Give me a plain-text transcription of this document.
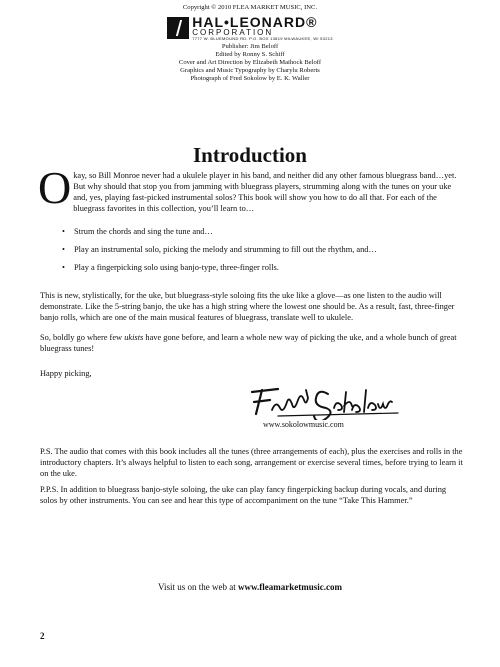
Copyright © 2010 FLEA MARKET MUSIC, INC.
HAL•LEONARD®
CORPORATION
7777 W. BLUEMOUND RD. P.O. BOX 13819 MILWAUKEE, WI 53213
Publisher: Jim Beloff
Edited by Ronny S. Schiff
Cover and Art Direction by Elizabeth Maihock Beloff
Graphics and Music Typography by Charylu Roberts
Photograph of Fred Sokolow by E. K. Waller
Introduction
O kay, so Bill Monroe never had a ukulele player in his band, and neither did any other famous bluegrass band…yet. But why should that stop you from jamming with bluegrass players, strumming along with the tunes on your uke and, yes, playing fast-picked instrumental solos? This book will show you how to do all that. For each of the bluegrass favorites in this collection, you’ll learn to…
• Strum the chords and sing the tune and…
• Play an instrumental solo, picking the melody and strumming to fill out the rhythm, and…
• Play a fingerpicking solo using banjo-type, three-finger rolls.
This is new, stylistically, for the uke, but bluegrass-style soloing fits the uke like a glove—as one listen to the audio will demonstrate. Like the 5-string banjo, the uke has a high string where the lowest one should be. As a result, fast, three-finger banjo rolls, which are one of the main musical features of bluegrass, translate well to ukulele.
So, boldly go where few ukists have gone before, and learn a whole new way of picking the uke, and a whole bunch of great bluegrass tunes!
Happy picking,
www.sokolowmusic.com
P.S. The audio that comes with this book includes all the tunes (three arrangements of each), plus the exercises and rolls in the introductory chapters. It’s always helpful to listen to each song, arrangement or exercise several times, before trying to learn it on the uke.
P.P.S. In addition to bluegrass banjo-style soloing, the uke can play fancy fingerpicking backup during vocals, and during solos by other instruments. You can see and hear this type of accompaniment on the tune “Take This Hammer.”
Visit us on the web at www.fleamarketmusic.com
2
